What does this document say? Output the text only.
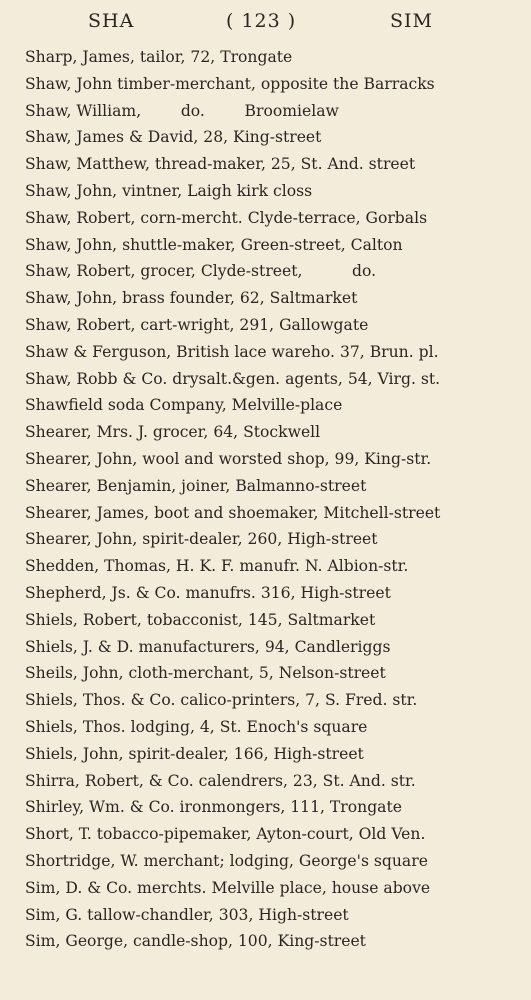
SHA	( 123 )	SIM
Sharp, James, tailor, 72, Trongate
Shaw, John timber-merchant, opposite the Barracks
Shaw, William,        do.        Broomielaw
Shaw, James & David, 28, King-street
Shaw, Matthew, thread-maker, 25, St. And. street
Shaw, John, vintner, Laigh kirk closs
Shaw, Robert, corn-mercht. Clyde-terrace, Gorbals
Shaw, John, shuttle-maker, Green-street, Calton
Shaw, Robert, grocer, Clyde-street,          do.
Shaw, John, brass founder, 62, Saltmarket
Shaw, Robert, cart-wright, 291, Gallowgate
Shaw & Ferguson, British lace wareho. 37, Brun. pl.
Shaw, Robb & Co. drysalt.&gen. agents, 54, Virg. st.
Shawfield soda Company, Melville-place
Shearer, Mrs. J. grocer, 64, Stockwell
Shearer, John, wool and worsted shop, 99, King-str.
Shearer, Benjamin, joiner, Balmanno-street
Shearer, James, boot and shoemaker, Mitchell-street
Shearer, John, spirit-dealer, 260, High-street
Shedden, Thomas, H. K. F. manufr. N. Albion-str.
Shepherd, Js. & Co. manufrs. 316, High-street
Shiels, Robert, tobacconist, 145, Saltmarket
Shiels, J. & D. manufacturers, 94, Candleriggs
Sheils, John, cloth-merchant, 5, Nelson-street
Shiels, Thos. & Co. calico-printers, 7, S. Fred. str.
Shiels, Thos. lodging, 4, St. Enoch's square
Shiels, John, spirit-dealer, 166, High-street
Shirra, Robert, & Co. calendrers, 23, St. And. str.
Shirley, Wm. & Co. ironmongers, 111, Trongate
Short, T. tobacco-pipemaker, Ayton-court, Old Ven.
Shortridge, W. merchant; lodging, George's square
Sim, D. & Co. merchts. Melville place, house above
Sim, G. tallow-chandler, 303, High-street
Sim, George, candle-shop, 100, King-street
